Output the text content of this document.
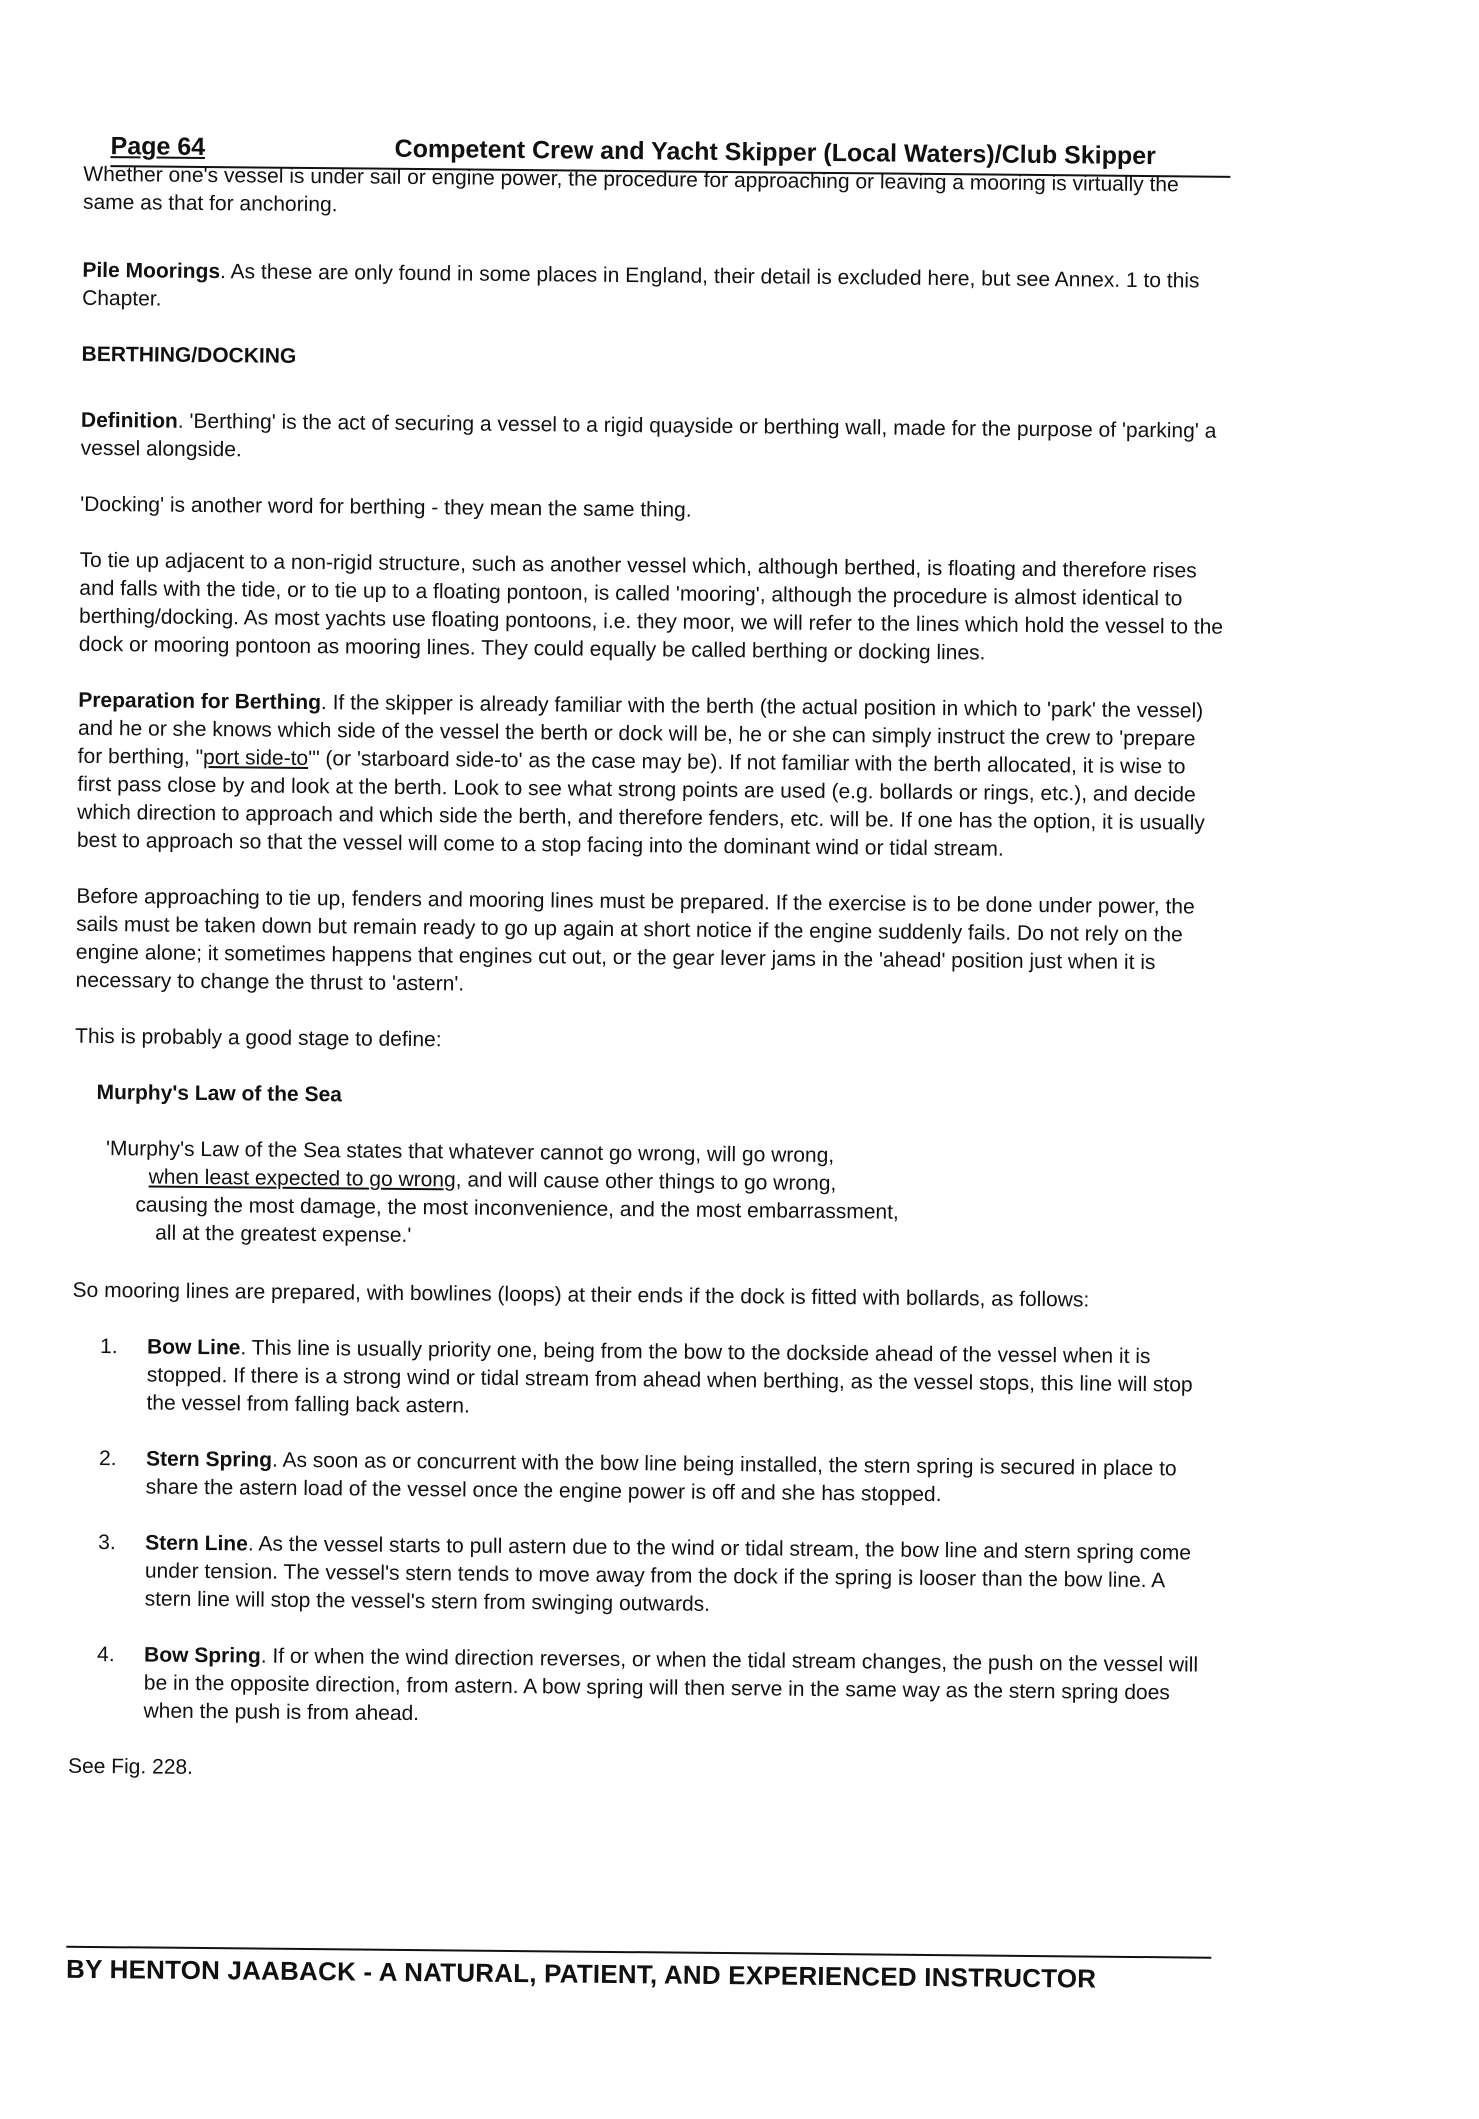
Page 64	Competent Crew and Yacht Skipper (Local Waters)/Club Skipper

Whether one's vessel is under sail or engine power, the procedure for approaching or leaving a mooring is virtually the same as that for anchoring.

Pile Moorings. As these are only found in some places in England, their detail is excluded here, but see Annex. 1 to this Chapter.

BERTHING/DOCKING

Definition. 'Berthing' is the act of securing a vessel to a rigid quayside or berthing wall, made for the purpose of 'parking' a vessel alongside.

'Docking' is another word for berthing - they mean the same thing.

To tie up adjacent to a non-rigid structure, such as another vessel which, although berthed, is floating and therefore rises and falls with the tide, or to tie up to a floating pontoon, is called 'mooring', although the procedure is almost identical to berthing/docking. As most yachts use floating pontoons, i.e. they moor, we will refer to the lines which hold the vessel to the dock or mooring pontoon as mooring lines. They could equally be called berthing or docking lines.

Preparation for Berthing. If the skipper is already familiar with the berth (the actual position in which to 'park' the vessel) and he or she knows which side of the vessel the berth or dock will be, he or she can simply instruct the crew to 'prepare for berthing, "port side-to'" (or 'starboard side-to' as the case may be). If not familiar with the berth allocated, it is wise to first pass close by and look at the berth. Look to see what strong points are used (e.g. bollards or rings, etc.), and decide which direction to approach and which side the berth, and therefore fenders, etc. will be. If one has the option, it is usually best to approach so that the vessel will come to a stop facing into the dominant wind or tidal stream.

Before approaching to tie up, fenders and mooring lines must be prepared. If the exercise is to be done under power, the sails must be taken down but remain ready to go up again at short notice if the engine suddenly fails. Do not rely on the engine alone; it sometimes happens that engines cut out, or the gear lever jams in the 'ahead' position just when it is necessary to change the thrust to 'astern'.

This is probably a good stage to define:

Murphy's Law of the Sea
'Murphy's Law of the Sea states that whatever cannot go wrong, will go wrong,
when least expected to go wrong, and will cause other things to go wrong,
causing the most damage, the most inconvenience, and the most embarrassment,
all at the greatest expense.'

So mooring lines are prepared, with bowlines (loops) at their ends if the dock is fitted with bollards, as follows:

1. Bow Line. This line is usually priority one, being from the bow to the dockside ahead of the vessel when it is stopped. If there is a strong wind or tidal stream from ahead when berthing, as the vessel stops, this line will stop the vessel from falling back astern.
2. Stern Spring. As soon as or concurrent with the bow line being installed, the stern spring is secured in place to share the astern load of the vessel once the engine power is off and she has stopped.
3. Stern Line. As the vessel starts to pull astern due to the wind or tidal stream, the bow line and stern spring come under tension. The vessel's stern tends to move away from the dock if the spring is looser than the bow line. A stern line will stop the vessel's stern from swinging outwards.
4. Bow Spring. If or when the wind direction reverses, or when the tidal stream changes, the push on the vessel will be in the opposite direction, from astern. A bow spring will then serve in the same way as the stern spring does when the push is from ahead.

See Fig. 228.

BY HENTON JAABACK - A NATURAL, PATIENT, AND EXPERIENCED INSTRUCTOR
